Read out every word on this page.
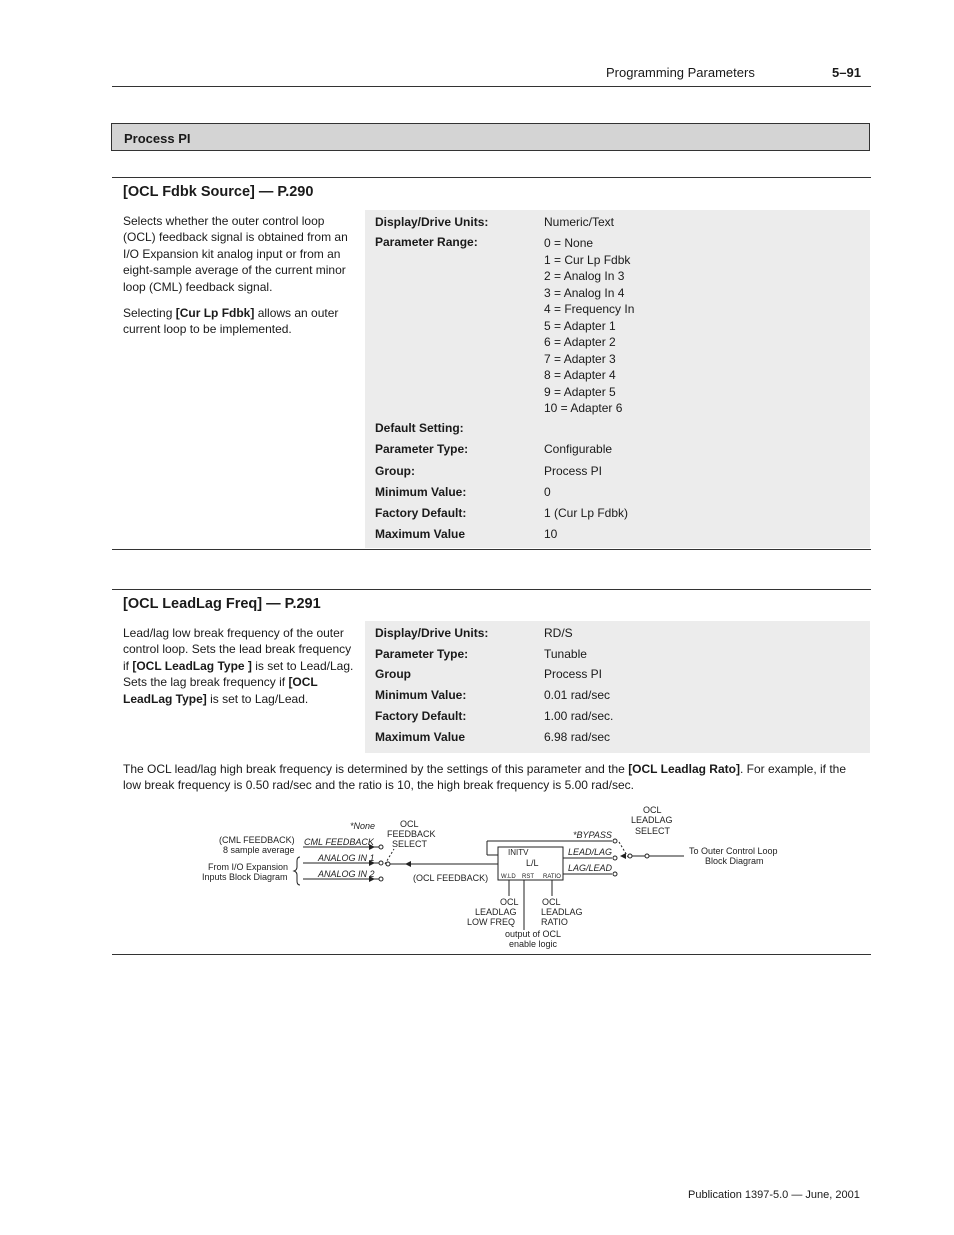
Programming Parameters	5–91
Process PI
[OCL Fdbk Source] — P.290

Selects whether the outer control loop (OCL) feedback signal is obtained from an I/O Expansion kit analog input or from an eight-sample average of the current minor loop (CML) feedback signal.

Selecting [Cur Lp Fdbk] allows an outer current loop to be implemented.

Display/Drive Units:	Numeric/Text
Parameter Range:	0 = None
1 = Cur Lp Fdbk
2 = Analog In 3
3 = Analog In 4
4 = Frequency In
5 = Adapter 1
6 = Adapter 2
7 = Adapter 3
8 = Adapter 4
9 = Adapter 5
10 = Adapter 6
Default Setting:
Parameter Type:	Configurable
Group:	Process PI
Minimum Value:	0
Factory Default:	1 (Cur Lp Fdbk)
Maximum Value	10
[OCL LeadLag Freq] — P.291
Lead/lag low break frequency of the outer control loop. Sets the lead break frequency if [OCL LeadLag Type ] is set to Lead/Lag. Sets the lag break frequency if [OCL LeadLag Type] is set to Lag/Lead.
Display/Drive Units:	RD/S
Parameter Type:	Tunable
Group	Process PI
Minimum Value:	0.01 rad/sec
Factory Default:	1.00 rad/sec.
Maximum Value	6.98 rad/sec
The OCL lead/lag high break frequency is determined by the settings of this parameter and the [OCL Leadlag Rato]. For example, if the low break frequency is 0.50 rad/sec and the ratio is 10, the high break frequency is 5.00 rad/sec.
(CML FEEDBACK)
8 sample average
From I/O Expansion
Inputs Block Diagram
*None
CML FEEDBACK
ANALOG IN 1
ANALOG IN 2
OCL
FEEDBACK
SELECT
(OCL FEEDBACK)
INITV
L/L
W.LD RST RATIO
*BYPASS
LEAD/LAG
LAG/LEAD
OCL
LEADLAG
SELECT
To Outer Control Loop
Block Diagram
OCL
LEADLAG
LOW FREQ
OCL
LEADLAG
RATIO
output of OCL
enable logic
Publication 1397-5.0 — June, 2001
